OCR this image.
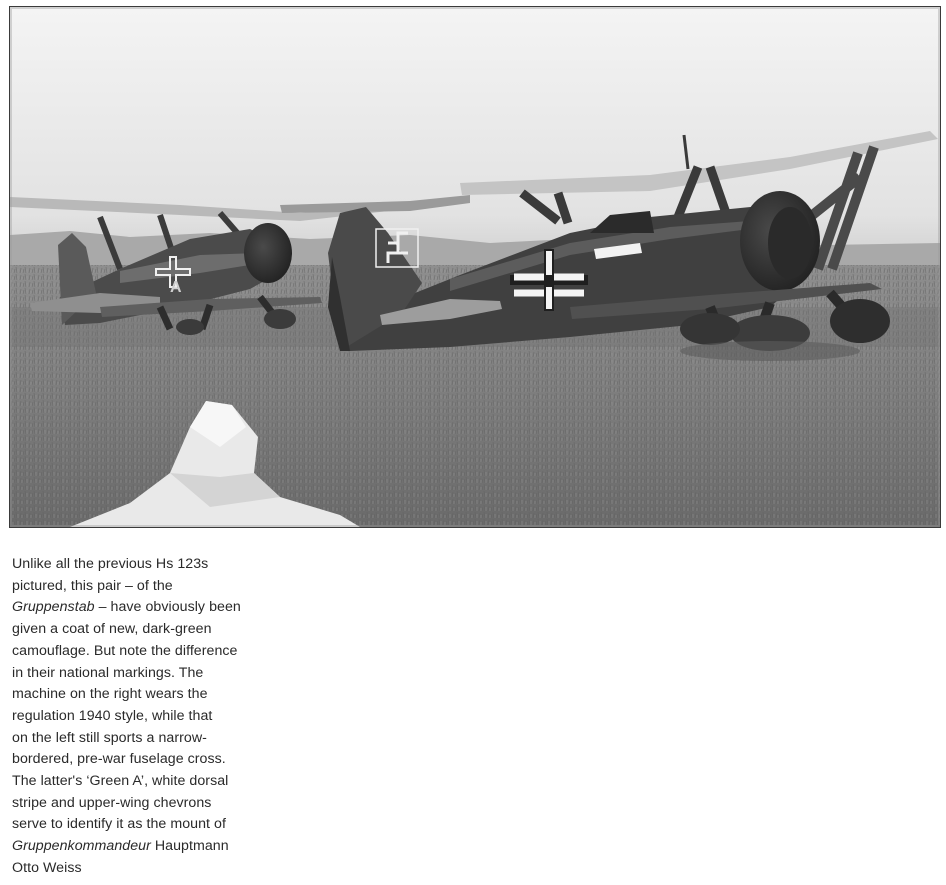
A

Unlike all the previous Hs 123s
pictured, this pair – of the
Gruppenstab – have obviously been
given a coat of new, dark-green
camouflage. But note the difference
in their national markings. The
machine on the right wears the
regulation 1940 style, while that
on the left still sports a narrow-
bordered, pre-war fuselage cross.
The latter's ‘Green A’, white dorsal
stripe and upper-wing chevrons
serve to identify it as the mount of
Gruppenkommandeur Hauptmann
Otto Weiss
